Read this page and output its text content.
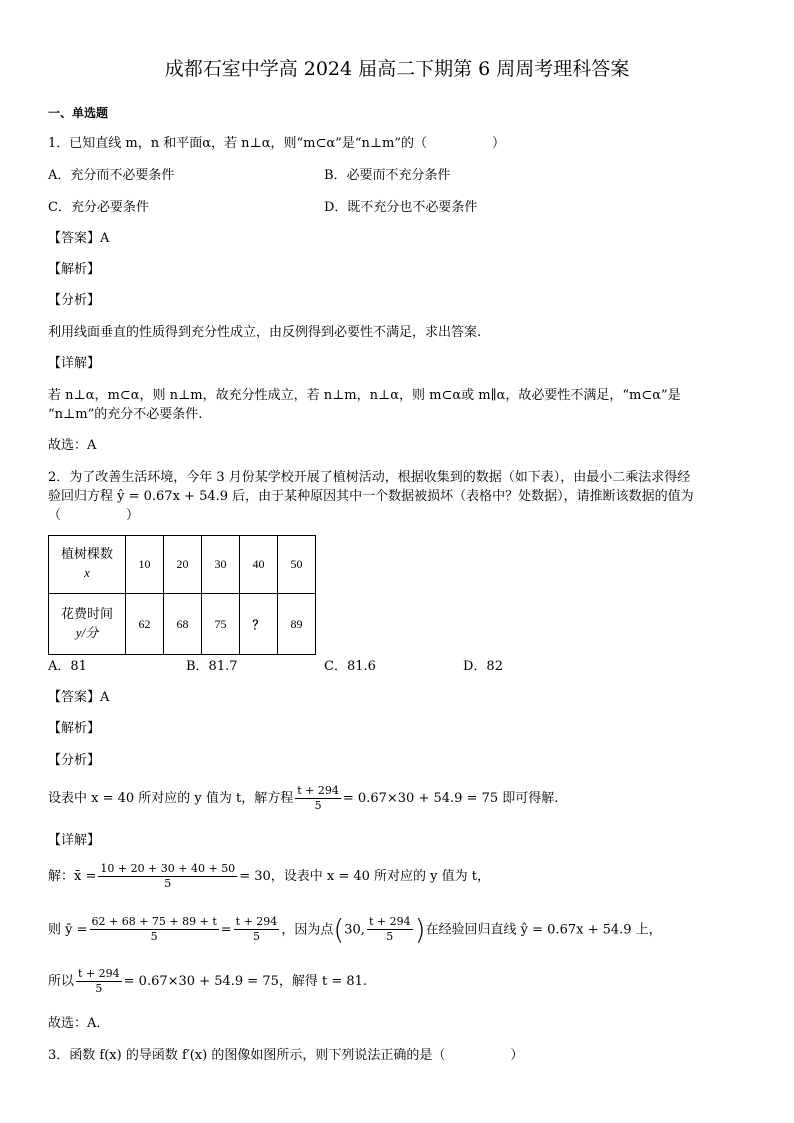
成都石室中学高 2024 届高二下期第 6 周周考理科答案
一、单选题
1．已知直线 m，n 和平面α，若 n⊥α，则“m⊂α”是“n⊥m”的（　　　　　）
A．充分而不必要条件	B．必要而不充分条件
C．充分必要条件	D．既不充分也不必要条件
【答案】A
【解析】
【分析】
利用线面垂直的性质得到充分性成立，由反例得到必要性不满足，求出答案.
【详解】
若 n⊥α，m⊂α，则 n⊥m，故充分性成立，若 n⊥m，n⊥α，则 m⊂α或 m∥α，故必要性不满足，“m⊂α”是
“n⊥m”的充分不必要条件.
故选：A
2．为了改善生活环境，今年 3 月份某学校开展了植树活动，根据收集到的数据（如下表），由最小二乘法求得经
验回归方程 ŷ = 0.67x + 54.9 后，由于某种原因其中一个数据被损坏（表格中？处数据），请推断该数据的值为
（　　　　　）
植树棵数
x	10	20	30	40	50
花费时间
y/分	62	68	75	？	89
A．81	B．81.7	C．81.6	D．82
【答案】A
【解析】
【分析】
设表中 x = 40 所对应的 y 值为 t，解方程 $\frac{t + 294}{5} = 0.67\times 30 + 54.9 = 75$ 即可得解.
【详解】
解：x̄ = $\frac{10 + 20 + 30 + 40 + 50}{5} = 30$，设表中 x = 40 所对应的 y 值为 t，
则 ȳ = $\frac{62 + 68 + 75 + 89 + t}{5} = \frac{t + 294}{5}$ ，因为点(30, $\frac{t + 294}{5}$ )在经验回归直线 ŷ = 0.67x + 54.9 上，
所以 $\frac{t + 294}{5} = 0.67\times 30 + 54.9 = 75$，解得 t = 81.
故选：A．
3．函数 f(x) 的导函数 f′(x) 的图像如图所示，则下列说法正确的是（　　　　　）
